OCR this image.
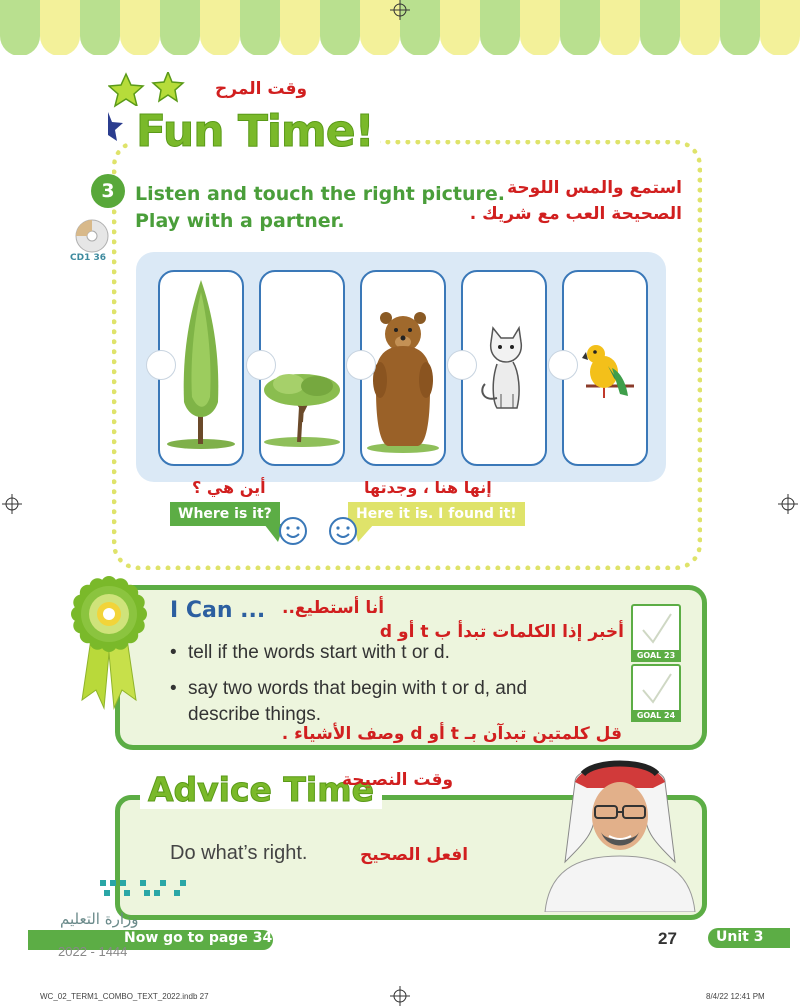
Fun Time!
وقت المرح
3	Listen and touch the right picture.
Play with a partner.
استمع والمس اللوحة
الصحيحة العب مع شريك .
CD1 36
أين هي ؟	إنها هنا ، وجدتها
Where is it?	Here it is. I found it!
I Can ... أنا أستطيع..
أخبر إذا الكلمات تبدأ ب t أو d
• tell if the words start with t or d.
• say two words that begin with t or d, and
describe things.
قل كلمتين تبدآن بـ t أو d وصف الأشياء .
GOAL 23
GOAL 24
Advice Time
وقت النصيحة
Do what’s right.	افعل الصحيح
وزارة التعليم
Now go to page 34
2022 - 1444
27	Unit 3
WC_02_TERM1_COMBO_TEXT_2022.indb 27	8/4/22 12:41 PM
